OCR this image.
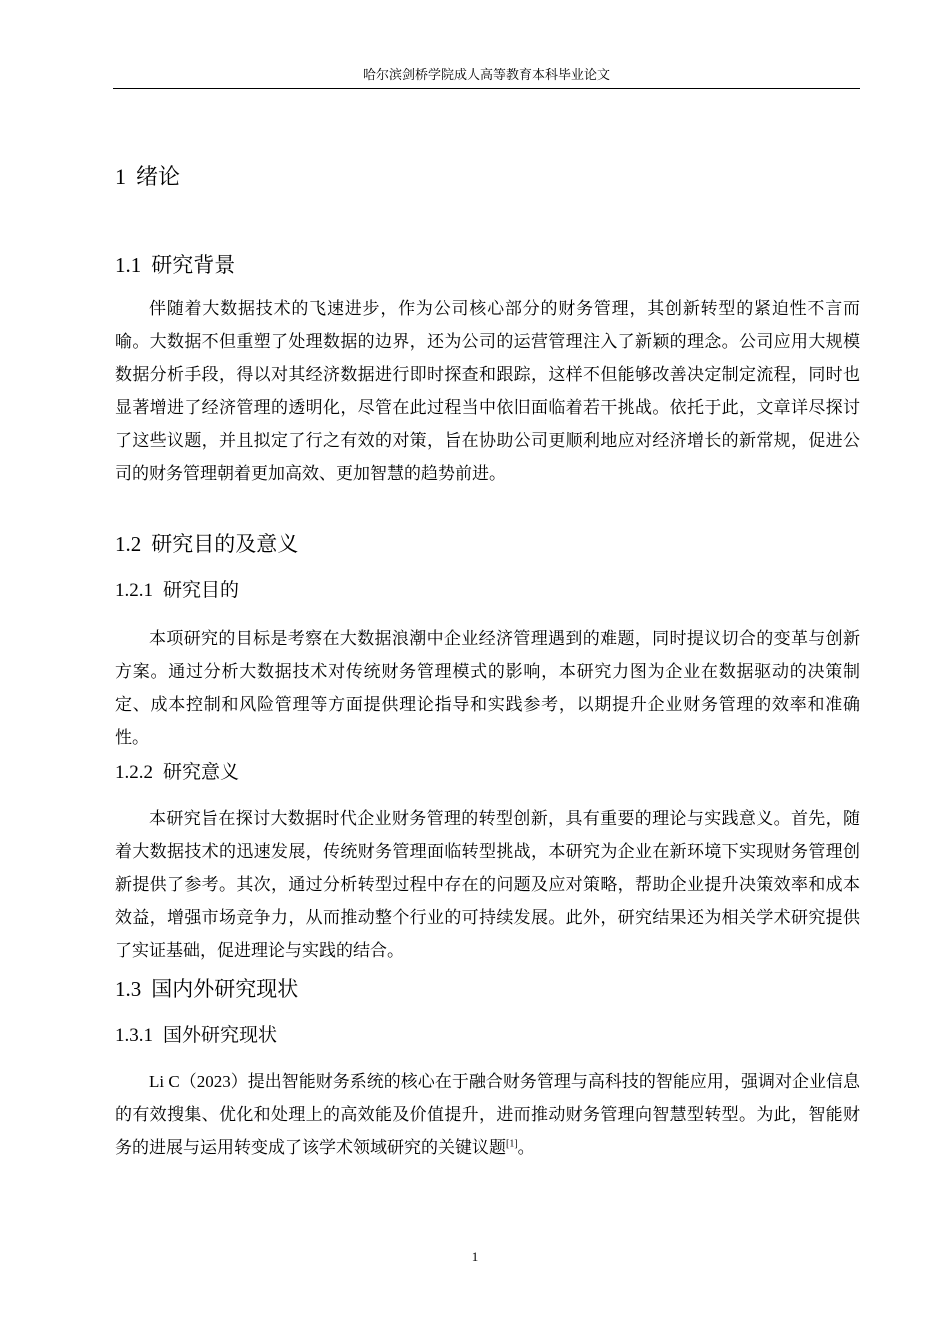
哈尔滨剑桥学院成人高等教育本科毕业论文
1 绪论
1.1 研究背景

伴随着大数据技术的飞速进步，作为公司核心部分的财务管理，其创新转型的紧迫性不言而喻。大数据不但重塑了处理数据的边界，还为公司的运营管理注入了新颖的理念。公司应用大规模数据分析手段，得以对其经济数据进行即时探查和跟踪，这样不但能够改善决定制定流程，同时也显著增进了经济管理的透明化，尽管在此过程当中依旧面临着若干挑战。依托于此，文章详尽探讨了这些议题，并且拟定了行之有效的对策，旨在协助公司更顺利地应对经济增长的新常规，促进公司的财务管理朝着更加高效、更加智慧的趋势前进。

1.2 研究目的及意义
1.2.1 研究目的

本项研究的目标是考察在大数据浪潮中企业经济管理遇到的难题，同时提议切合的变革与创新方案。通过分析大数据技术对传统财务管理模式的影响，本研究力图为企业在数据驱动的决策制定、成本控制和风险管理等方面提供理论指导和实践参考，以期提升企业财务管理的效率和准确性。

1.2.2 研究意义

本研究旨在探讨大数据时代企业财务管理的转型创新，具有重要的理论与实践意义。首先，随着大数据技术的迅速发展，传统财务管理面临转型挑战，本研究为企业在新环境下实现财务管理创新提供了参考。其次，通过分析转型过程中存在的问题及应对策略，帮助企业提升决策效率和成本效益，增强市场竞争力，从而推动整个行业的可持续发展。此外，研究结果还为相关学术研究提供了实证基础，促进理论与实践的结合。

1.3 国内外研究现状
1.3.1 国外研究现状

Li C（2023）提出智能财务系统的核心在于融合财务管理与高科技的智能应用，强调对企业信息的有效搜集、优化和处理上的高效能及价值提升，进而推动财务管理向智慧型转型。为此，智能财务的进展与运用转变成了该学术领域研究的关键议题[1]。

1
